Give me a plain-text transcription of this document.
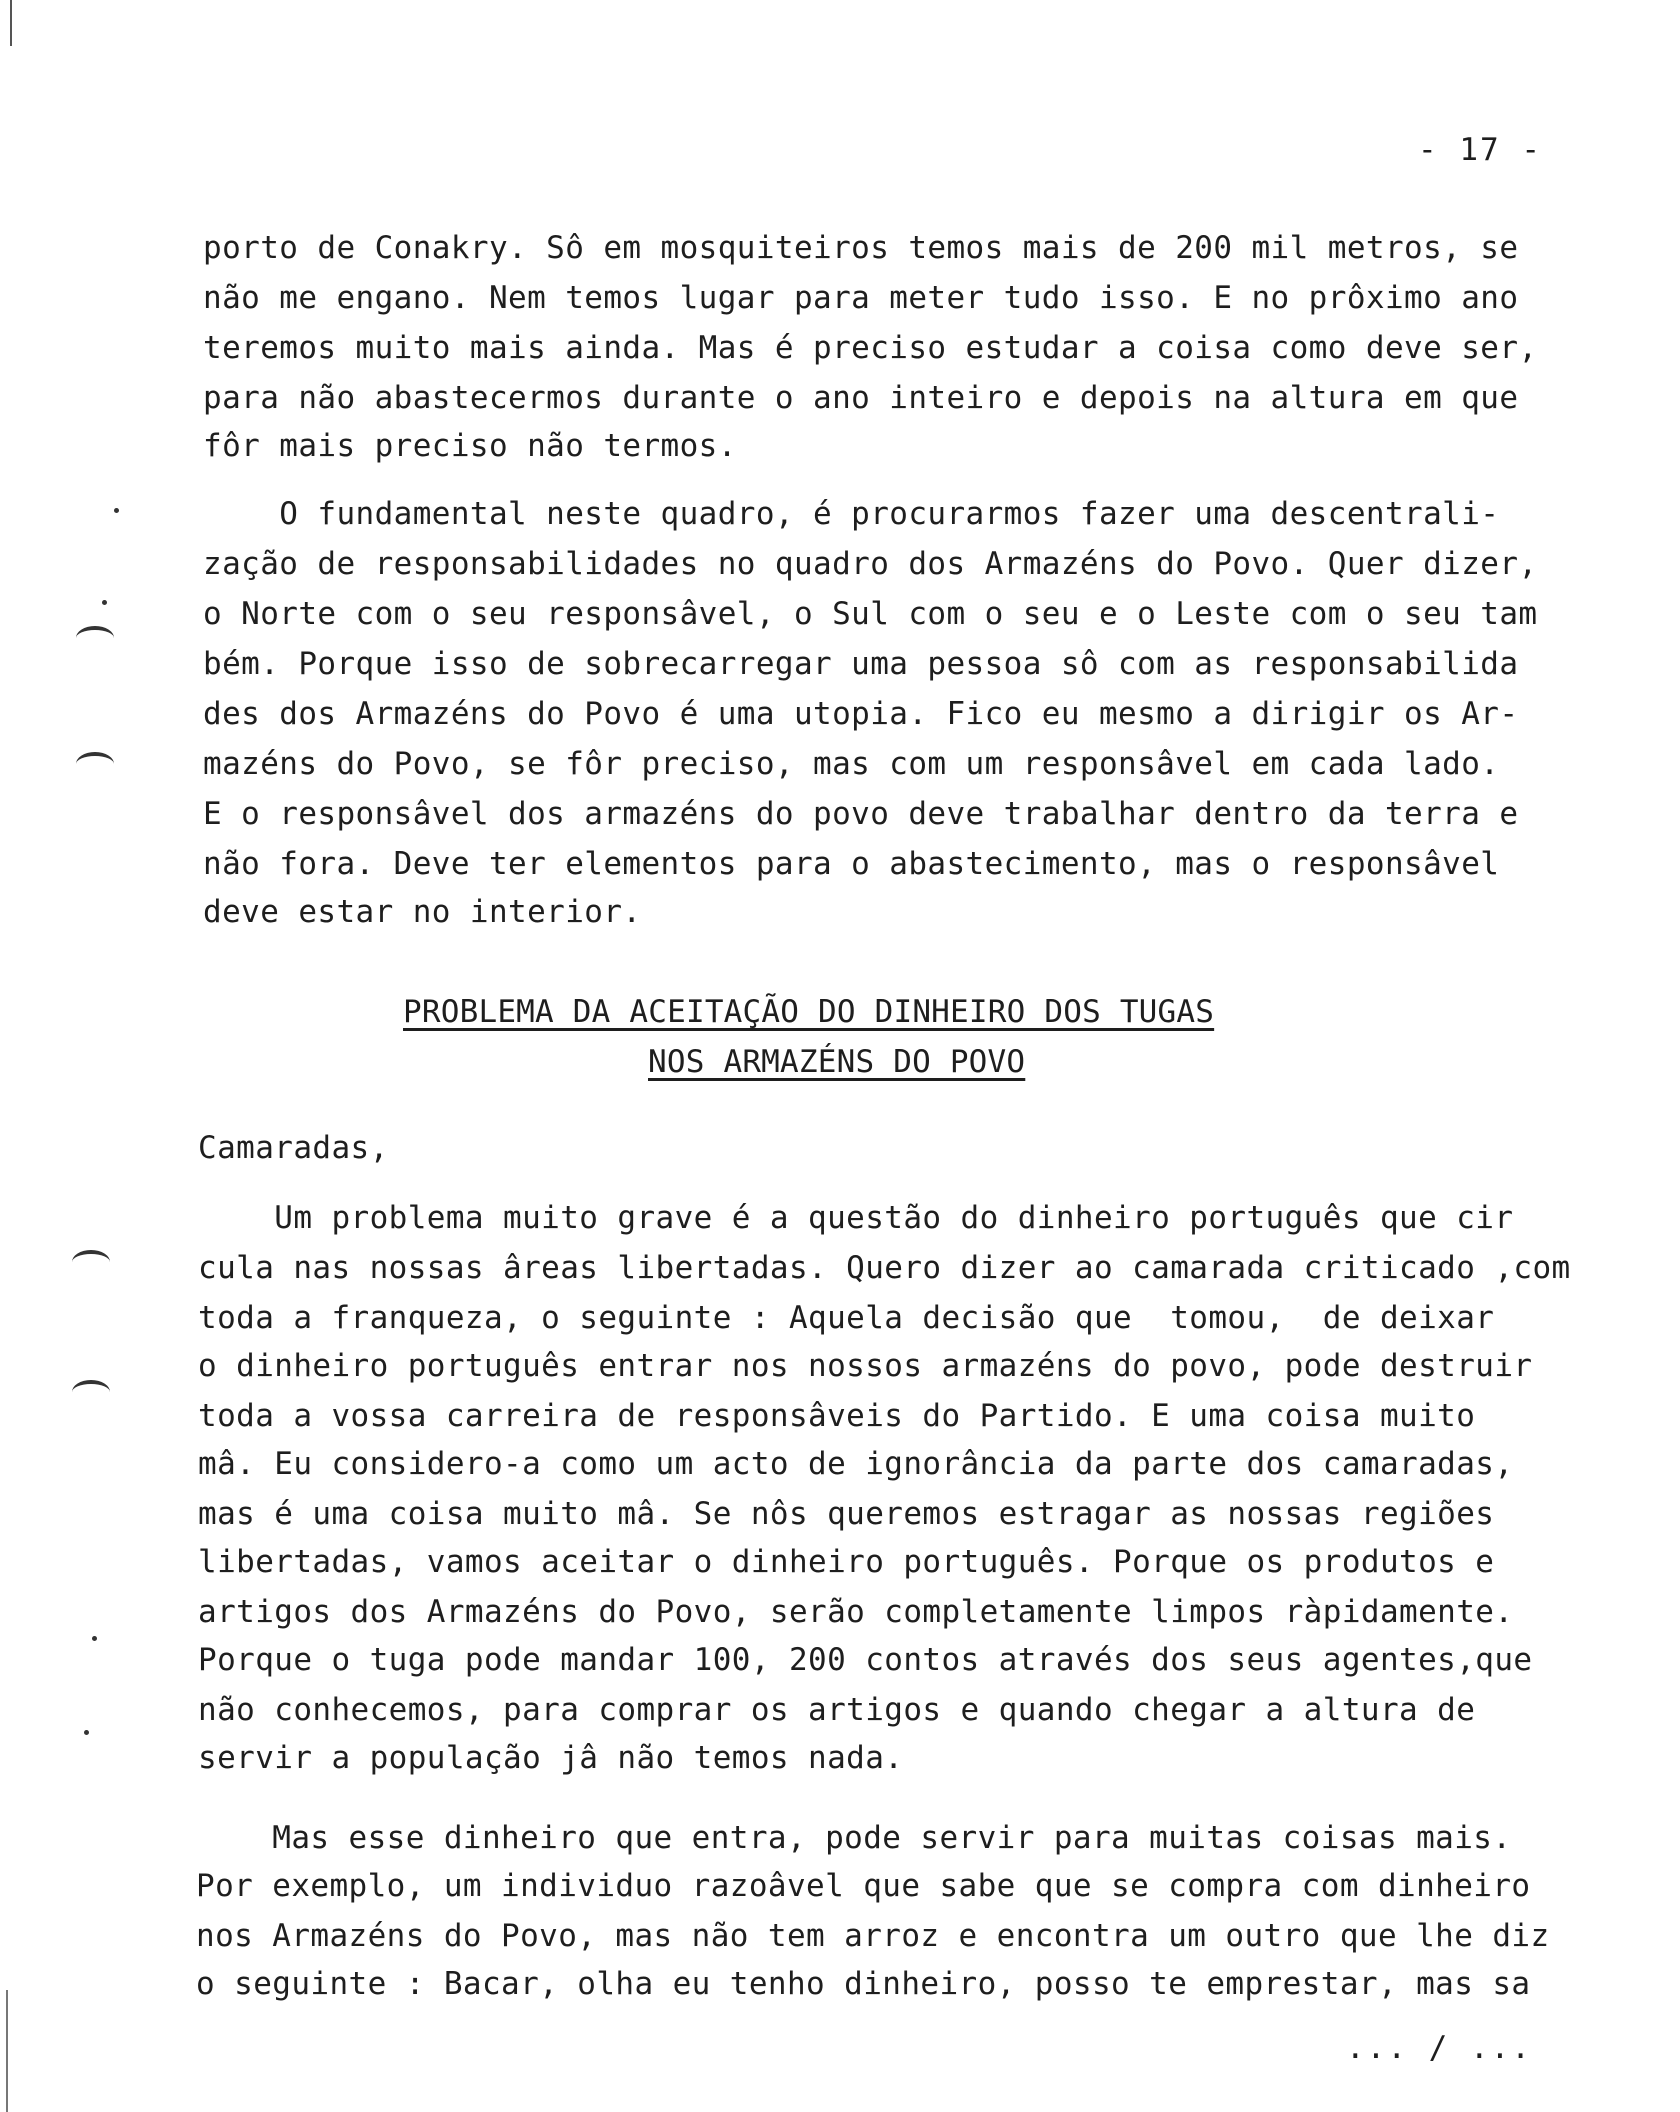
- 17 -
porto de Conakry. Sô em mosquiteiros temos mais de 200 mil metros, se
não me engano. Nem temos lugar para meter tudo isso. E no prôximo ano
teremos muito mais ainda. Mas é preciso estudar a coisa como deve ser,
para não abastecermos durante o ano inteiro e depois na altura em que
fôr mais preciso não termos.
O fundamental neste quadro, é procurarmos fazer uma descentrali-
zação de responsabilidades no quadro dos Armazéns do Povo. Quer dizer,
o Norte com o seu responsâvel, o Sul com o seu e o Leste com o seu tam
bém. Porque isso de sobrecarregar uma pessoa sô com as responsabilida
des dos Armazéns do Povo é uma utopia. Fico eu mesmo a dirigir os Ar-
mazéns do Povo, se fôr preciso, mas com um responsâvel em cada lado.
E o responsâvel dos armazéns do povo deve trabalhar dentro da terra e
não fora. Deve ter elementos para o abastecimento, mas o responsâvel
deve estar no interior.
PROBLEMA DA ACEITAÇÃO DO DINHEIRO DOS TUGAS
NOS ARMAZÉNS DO POVO
Camaradas,
Um problema muito grave é a questão do dinheiro português que cir
cula nas nossas âreas libertadas. Quero dizer ao camarada criticado ,com
toda a franqueza, o seguinte : Aquela decisão que  tomou,  de deixar
o dinheiro português entrar nos nossos armazéns do povo, pode destruir
toda a vossa carreira de responsâveis do Partido. E uma coisa muito
mâ. Eu considero-a como um acto de ignorância da parte dos camaradas,
mas é uma coisa muito mâ. Se nôs queremos estragar as nossas regiões
libertadas, vamos aceitar o dinheiro português. Porque os produtos e
artigos dos Armazéns do Povo, serão completamente limpos ràpidamente.
Porque o tuga pode mandar 100, 200 contos através dos seus agentes,que
não conhecemos, para comprar os artigos e quando chegar a altura de
servir a população jâ não temos nada.
Mas esse dinheiro que entra, pode servir para muitas coisas mais.
Por exemplo, um individuo razoâvel que sabe que se compra com dinheiro
nos Armazéns do Povo, mas não tem arroz e encontra um outro que lhe diz
o seguinte : Bacar, olha eu tenho dinheiro, posso te emprestar, mas sa
... / ...
